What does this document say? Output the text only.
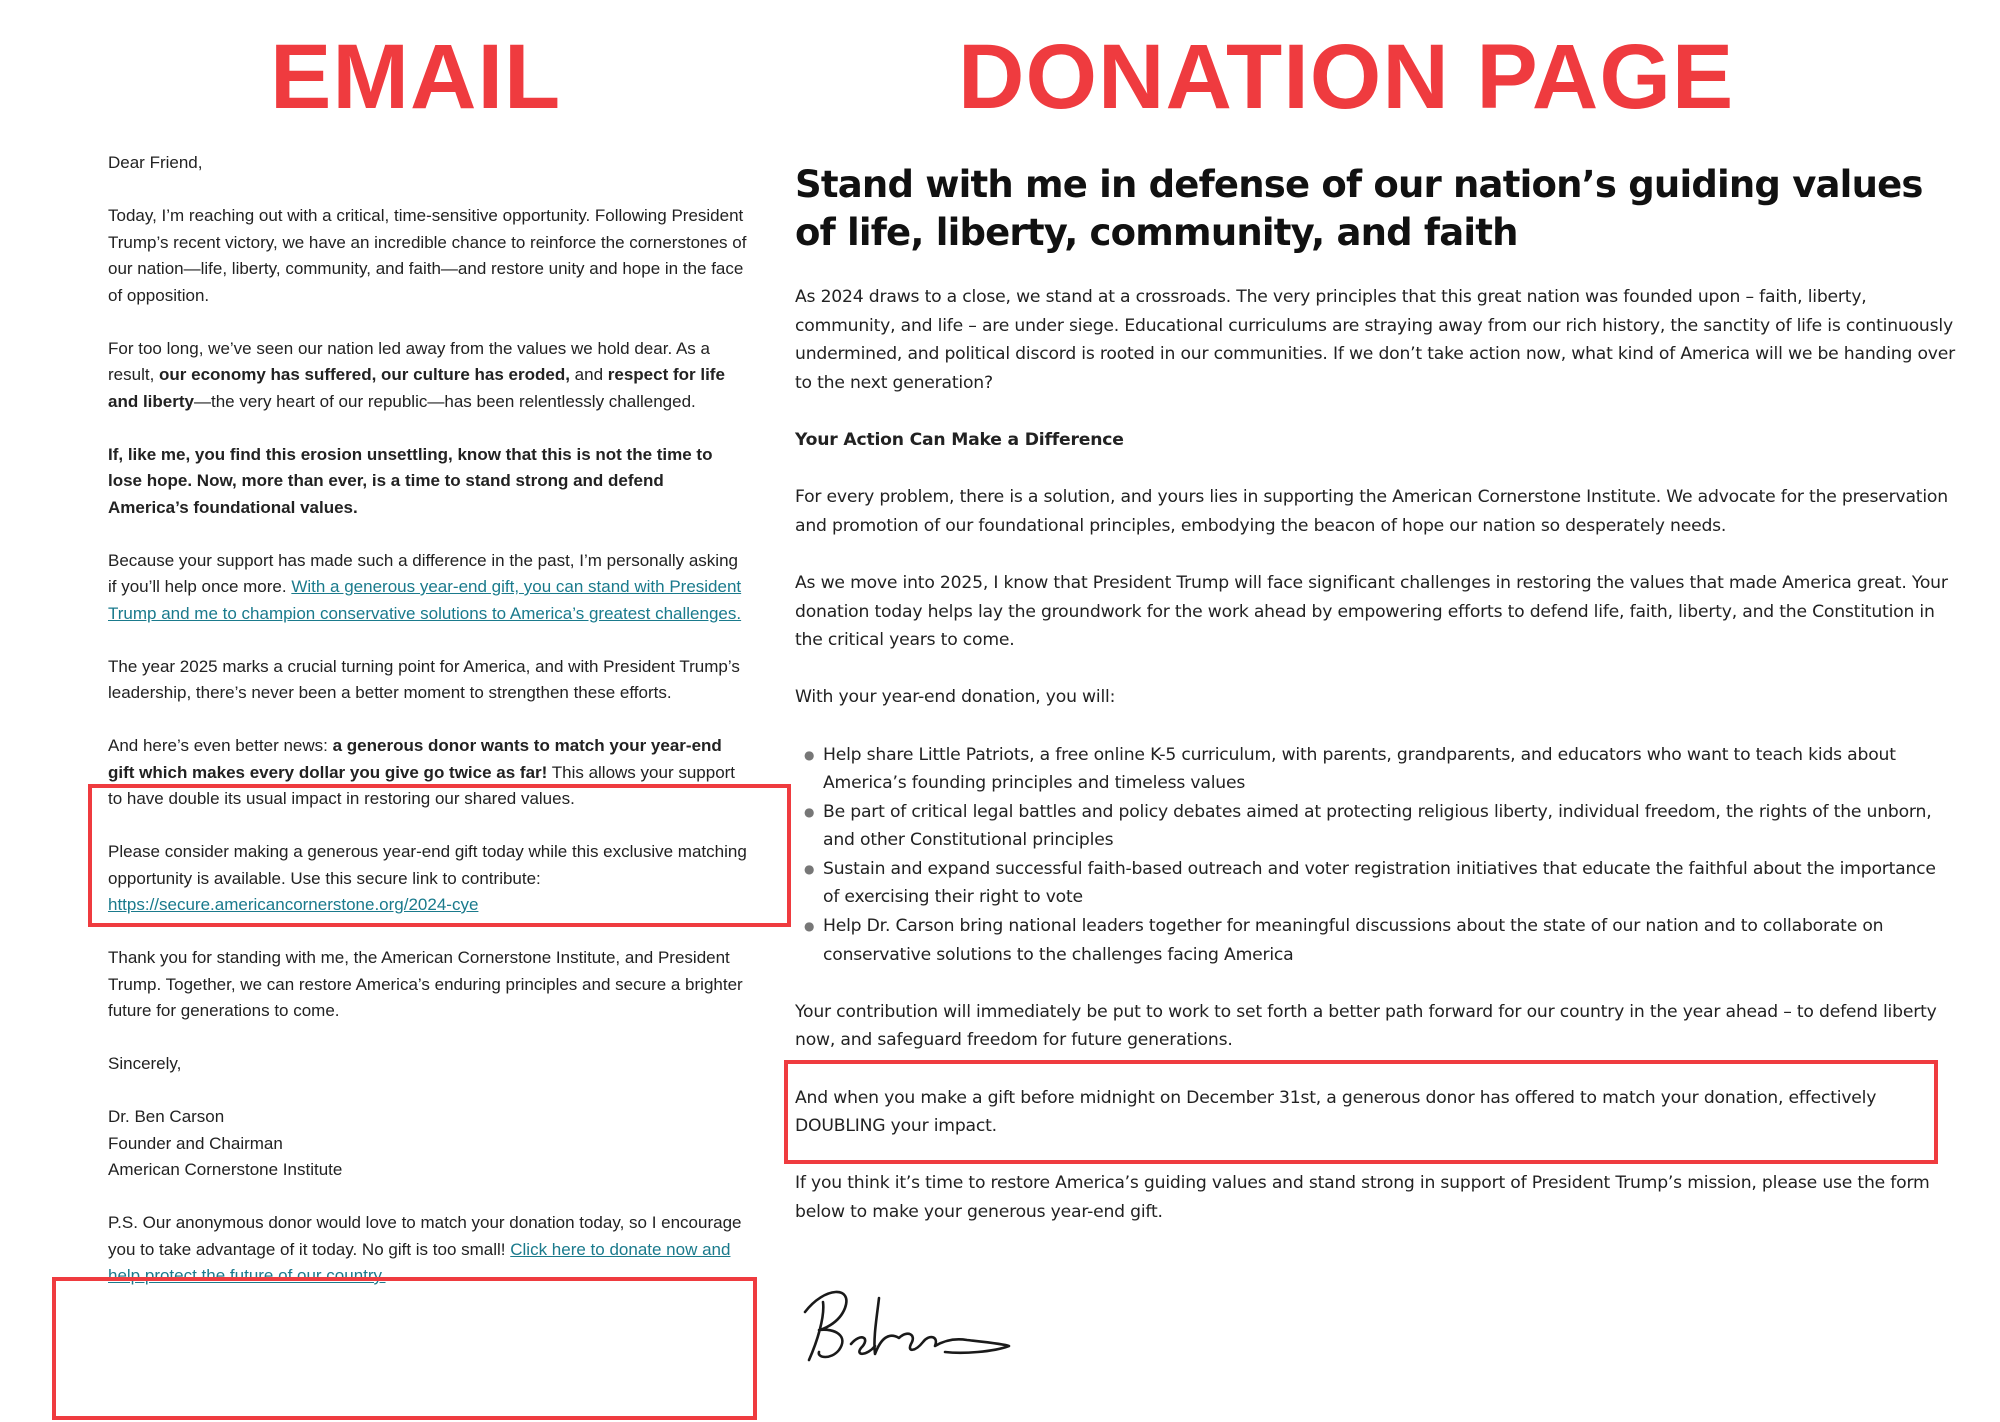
EMAIL	DONATION PAGE

Dear Friend,

Today, I’m reaching out with a critical, time-sensitive opportunity. Following President Trump’s recent victory, we have an incredible chance to reinforce the cornerstones of our nation—life, liberty, community, and faith—and restore unity and hope in the face of opposition.

For too long, we’ve seen our nation led away from the values we hold dear. As a result, our economy has suffered, our culture has eroded, and respect for life and liberty—the very heart of our republic—has been relentlessly challenged.

If, like me, you find this erosion unsettling, know that this is not the time to lose hope. Now, more than ever, is a time to stand strong and defend America’s foundational values.

Because your support has made such a difference in the past, I’m personally asking if you’ll help once more. With a generous year-end gift, you can stand with President Trump and me to champion conservative solutions to America’s greatest challenges.

The year 2025 marks a crucial turning point for America, and with President Trump’s leadership, there’s never been a better moment to strengthen these efforts.

And here’s even better news: a generous donor wants to match your year-end gift which makes every dollar you give go twice as far! This allows your support to have double its usual impact in restoring our shared values.

Please consider making a generous year-end gift today while this exclusive matching opportunity is available. Use this secure link to contribute: https://secure.americancornerstone.org/2024-cye

Thank you for standing with me, the American Cornerstone Institute, and President Trump. Together, we can restore America’s enduring principles and secure a brighter future for generations to come.

Sincerely,

Dr. Ben Carson
Founder and Chairman
American Cornerstone Institute

P.S. Our anonymous donor would love to match your donation today, so I encourage you to take advantage of it today. No gift is too small! Click here to donate now and help protect the future of our country.

Stand with me in defense of our nation’s guiding values of life, liberty, community, and faith

As 2024 draws to a close, we stand at a crossroads. The very principles that this great nation was founded upon – faith, liberty, community, and life – are under siege. Educational curriculums are straying away from our rich history, the sanctity of life is continuously undermined, and political discord is rooted in our communities. If we don’t take action now, what kind of America will we be handing over to the next generation?

Your Action Can Make a Difference

For every problem, there is a solution, and yours lies in supporting the American Cornerstone Institute. We advocate for the preservation and promotion of our foundational principles, embodying the beacon of hope our nation so desperately needs.

As we move into 2025, I know that President Trump will face significant challenges in restoring the values that made America great. Your donation today helps lay the groundwork for the work ahead by empowering efforts to defend life, faith, liberty, and the Constitution in the critical years to come.

With your year-end donation, you will:

● Help share Little Patriots, a free online K-5 curriculum, with parents, grandparents, and educators who want to teach kids about America’s founding principles and timeless values
● Be part of critical legal battles and policy debates aimed at protecting religious liberty, individual freedom, the rights of the unborn, and other Constitutional principles
● Sustain and expand successful faith-based outreach and voter registration initiatives that educate the faithful about the importance of exercising their right to vote
● Help Dr. Carson bring national leaders together for meaningful discussions about the state of our nation and to collaborate on conservative solutions to the challenges facing America

Your contribution will immediately be put to work to set forth a better path forward for our country in the year ahead – to defend liberty now, and safeguard freedom for future generations.

And when you make a gift before midnight on December 31st, a generous donor has offered to match your donation, effectively DOUBLING your impact.

If you think it’s time to restore America’s guiding values and stand strong in support of President Trump’s mission, please use the form below to make your generous year-end gift.
